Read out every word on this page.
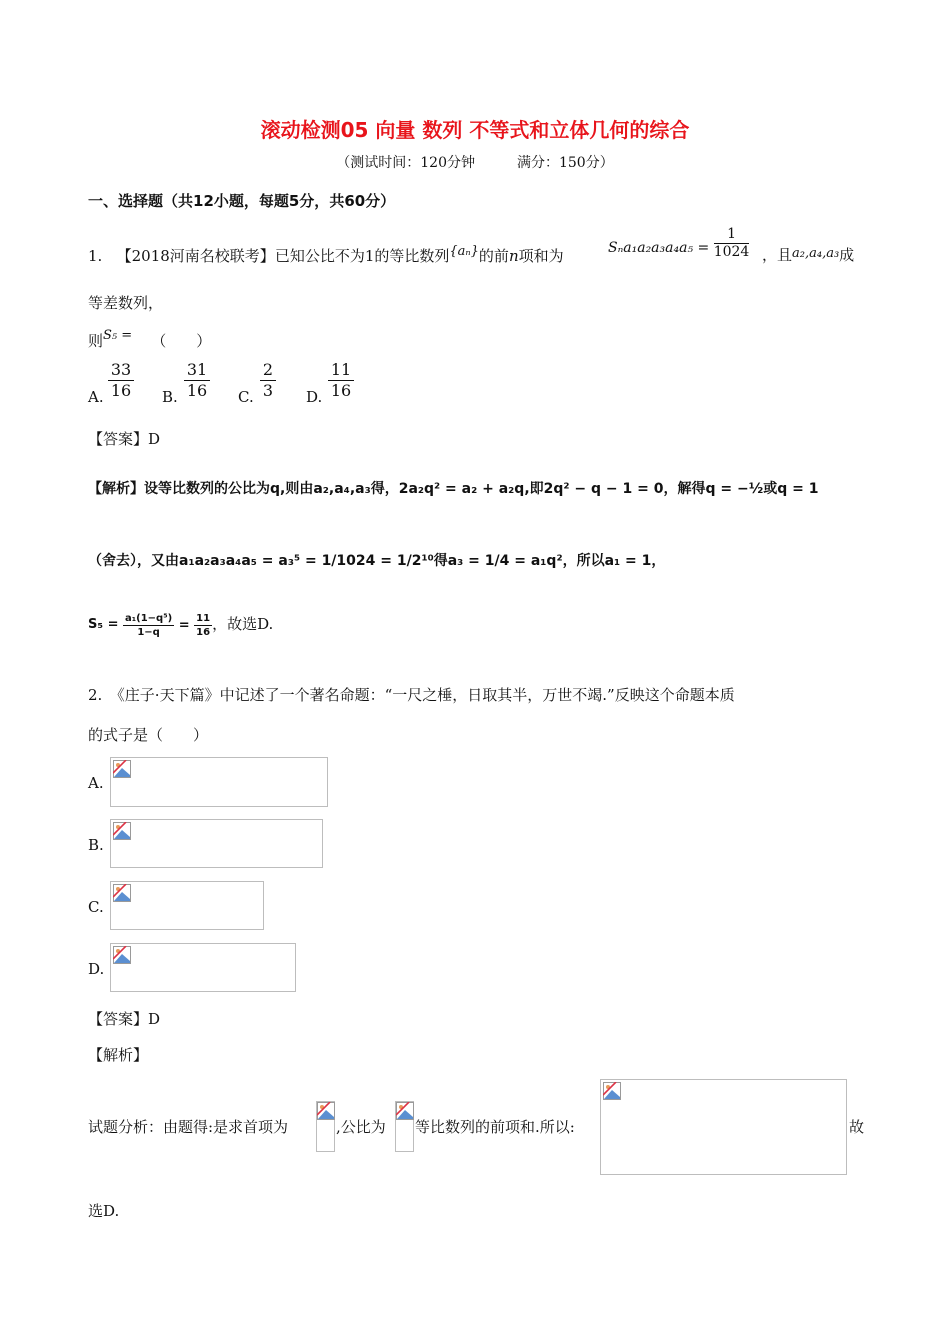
滚动检测05 向量 数列 不等式和立体几何的综合
（测试时间：120分钟　　　满分：150分）
一、选择题（共12小题，每题5分，共60分）
1. 【2018河南名校联考】已知公比不为1的等比数列$^{\{a_n\}}$的前n项和为	$S_na_1a_2a_3a_4a_5 = \frac{1}{1024}$ ，且a₂,a₄,a₃成
等差数列，
则S₅ = （　　）
A. $\frac{33}{16} B$. $\frac{31}{16} C$. $\frac{2}{3} D$. $\frac{11}{16}$
【答案】D
【解析】设等比数列的公比为q,则由a₂,a₄,a₃得，2a₂q² = a₂ + a₂q,即2q² − q − 1 = 0，解得q = −½或q = 1
（舍去），又由a₁a₂a₃a₄a₅ = a₃⁵ = 1/1024 = 1/2¹⁰得a₃ = 1/4 = a₁q²，所以a₁ = 1，
$S_5 = \frac{\text{a₁(1−q⁵)}}{1-q} = \frac{11}{16}$ ，故选D.
2.　《庄子·天下篇》中记述了一个著名命题：“一尺之棰，日取其半，万世不竭.”反映这个命题本质
的式子是（　　）
A.
B.
C.
D.
【答案】D
【解析】
试题分析：由题得:是求首项为	,公比为 等比数列的前项和.所以:	故
选D.
